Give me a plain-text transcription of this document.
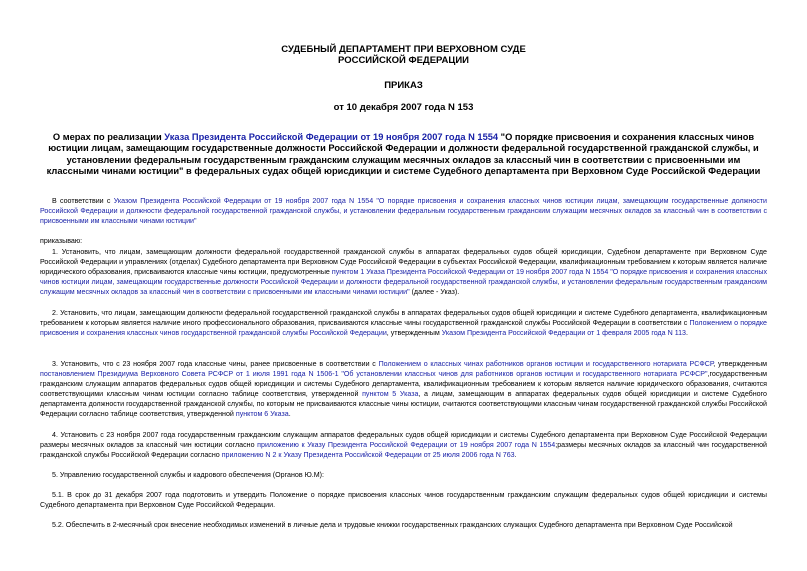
СУДЕБНЫЙ ДЕПАРТАМЕНТ ПРИ ВЕРХОВНОМ СУДЕ
РОССИЙСКОЙ ФЕДЕРАЦИИ
ПРИКАЗ
от 10 декабря 2007 года N 153
О мерах по реализации Указа Президента Российской Федерации от 19 ноября 2007 года N 1554 "О порядке присвоения и сохранения классных чинов юстиции лицам, замещающим государственные должности Российской Федерации и должности федеральной государственной гражданской службы, и установлении федеральным государственным гражданским служащим месячных окладов за классный чин в соответствии с присвоенными им классными чинами юстиции" в федеральных судах общей юрисдикции и системе Судебного департамента при Верховном Суде Российской Федерации
В соответствии с Указом Президента Российской Федерации от 19 ноября 2007 года N 1554 "О порядке присвоения и сохранения классных чинов юстиции лицам, замещающим государственные должности Российской Федерации и должности федеральной государственной гражданской службы, и установлении федеральным государственным гражданским служащим месячных окладов за классный чин в соответствии с присвоенными им классными чинами юстиции"
приказываю:
1. Установить, что лицам, замещающим должности федеральной государственной гражданской службы в аппаратах федеральных судов общей юрисдикции, Судебном департаменте при Верховном Суде Российской Федерации и управлениях (отделах) Судебного департамента при Верховном Суде Российской Федерации в субъектах Российской Федерации, квалификационным требованием к которым является наличие юридического образования, присваиваются классные чины юстиции, предусмотренные пунктом 1 Указа Президента Российской Федерации от 19 ноября 2007 года N 1554 "О порядке присвоения и сохранения классных чинов юстиции лицам, замещающим государственные должности Российской Федерации и должности федеральной государственной гражданской службы, и установлении федеральным государственным гражданским служащим месячных окладов за классный чин в соответствии с присвоенными им классными чинами юстиции" (далее - Указ).
2. Установить, что лицам, замещающим должности федеральной государственной гражданской службы в аппаратах федеральных судов общей юрисдикции и системе Судебного департамента, квалификационным требованием к которым является наличие иного профессионального образования, присваиваются классные чины государственной гражданской службы Российской Федерации в соответствии с Положением о порядке присвоения и сохранения классных чинов государственной гражданской службы Российской Федерации, утвержденным Указом Президента Российской Федерации от 1 февраля 2005 года N 113.
3. Установить, что с 23 ноября 2007 года классные чины, ранее присвоенные в соответствии с Положением о классных чинах работников органов юстиции и государственного нотариата РСФСР, утвержденным постановлением Президиума Верховного Совета РСФСР от 1 июля 1991 года N 1506-1 "Об установлении классных чинов для работников органов юстиции и государственного нотариата РСФСР",государственным гражданским служащим аппаратов федеральных судов общей юрисдикции и системы Судебного департамента, квалификационным требованием к которым является наличие юридического образования, считаются соответствующими классным чинам юстиции согласно таблице соответствия, утвержденной пунктом 5 Указа, а лицам, замещающим в аппаратах федеральных судов общей юрисдикции и системе Судебного департамента должности государственной гражданской службы, по которым не присваиваются классные чины юстиции, считаются соответствующими классным чинам государственной гражданской службы Российской Федерации согласно таблице соответствия, утвержденной пунктом 6 Указа.
4. Установить с 23 ноября 2007 года государственным гражданским служащим аппаратов федеральных судов общей юрисдикции и системы Судебного департамента при Верховном Суде Российской Федерации размеры месячных окладов за классный чин юстиции согласно приложению к Указу Президента Российской Федерации от 19 ноября 2007 года N 1554;размеры месячных окладов за классный чин государственной гражданской службы Российской Федерации согласно приложению N 2 к Указу Президента Российской Федерации от 25 июля 2006 года N 763.
5. Управлению государственной службы и кадрового обеспечения (Органов Ю.М):
5.1. В срок до 31 декабря 2007 года подготовить и утвердить Положение о порядке присвоения классных чинов государственным гражданским служащим федеральных судов общей юрисдикции и системы Судебного департамента при Верховном Суде Российской Федерации.
5.2. Обеспечить в 2-месячный срок внесение необходимых изменений в личные дела и трудовые книжки государственных гражданских служащих Судебного департамента при Верховном Суде Российской
